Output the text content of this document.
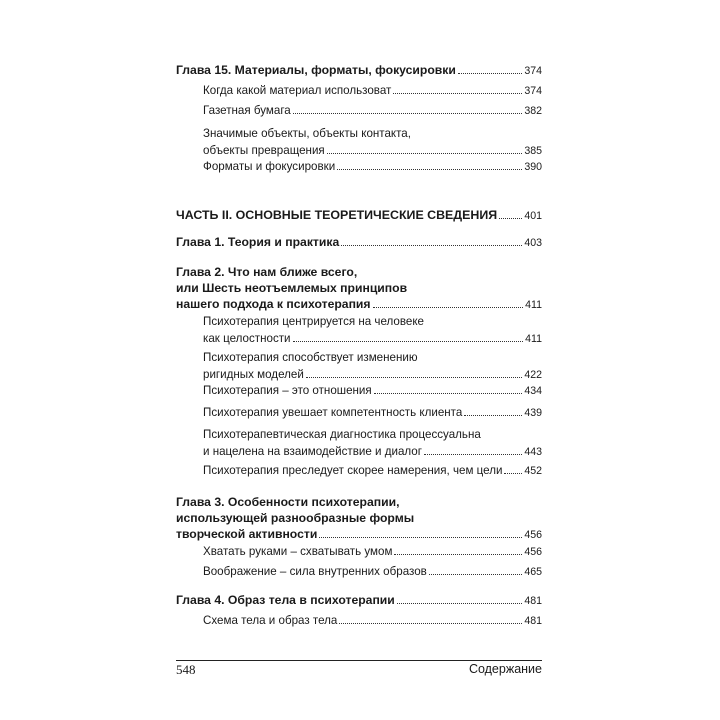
Глава 15. Материалы, форматы, фокусировки	374
Когда какой материал использоват	374
Газетная бумага	382
Значимые объекты, объекты контакта,
объекты превращения	385
Форматы и фокусировки	390
ЧАСТЬ II. ОСНОВНЫЕ ТЕОРЕТИЧЕСКИЕ СВЕДЕНИЯ	401
Глава 1. Теория и практика	403
Глава 2. Что нам ближе всего,
или Шесть неотъемлемых принципов
нашего подхода к психотерапия	411
Психотерапия центрируется на человеке
как целостности	411
Психотерапия способствует изменению
ригидных моделей	422
Психотерапия – это отношения	434
Психотерапия увешает компетентность клиента	439
Психотерапевтическая диагностика процессуальна
и нацелена на взаимодействие и диалог	443
Психотерапия преследует скорее намерения, чем цели 452
Глава 3. Особенности психотерапии,
использующей разнообразные формы
творческой активности	456
Хватать руками – схватывать умом	456
Воображение – сила внутренних образов	465
Глава 4. Образ тела в психотерапии	481
Схема тела и образ тела	481
548	Содержание
